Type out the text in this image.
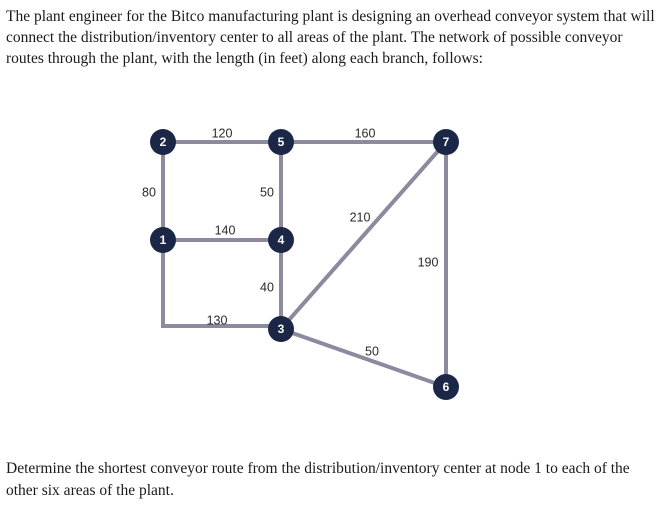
The plant engineer for the Bitco manufacturing plant is designing an overhead conveyor system that will connect the distribution/inventory center to all areas of the plant. The network of possible conveyor routes through the plant, with the length (in feet) along each branch, follows:

120	160
80	50
140
210
190
40
130
50
1
2
3
4
5
6
7

Determine the shortest conveyor route from the distribution/inventory center at node 1 to each of the other six areas of the plant.
